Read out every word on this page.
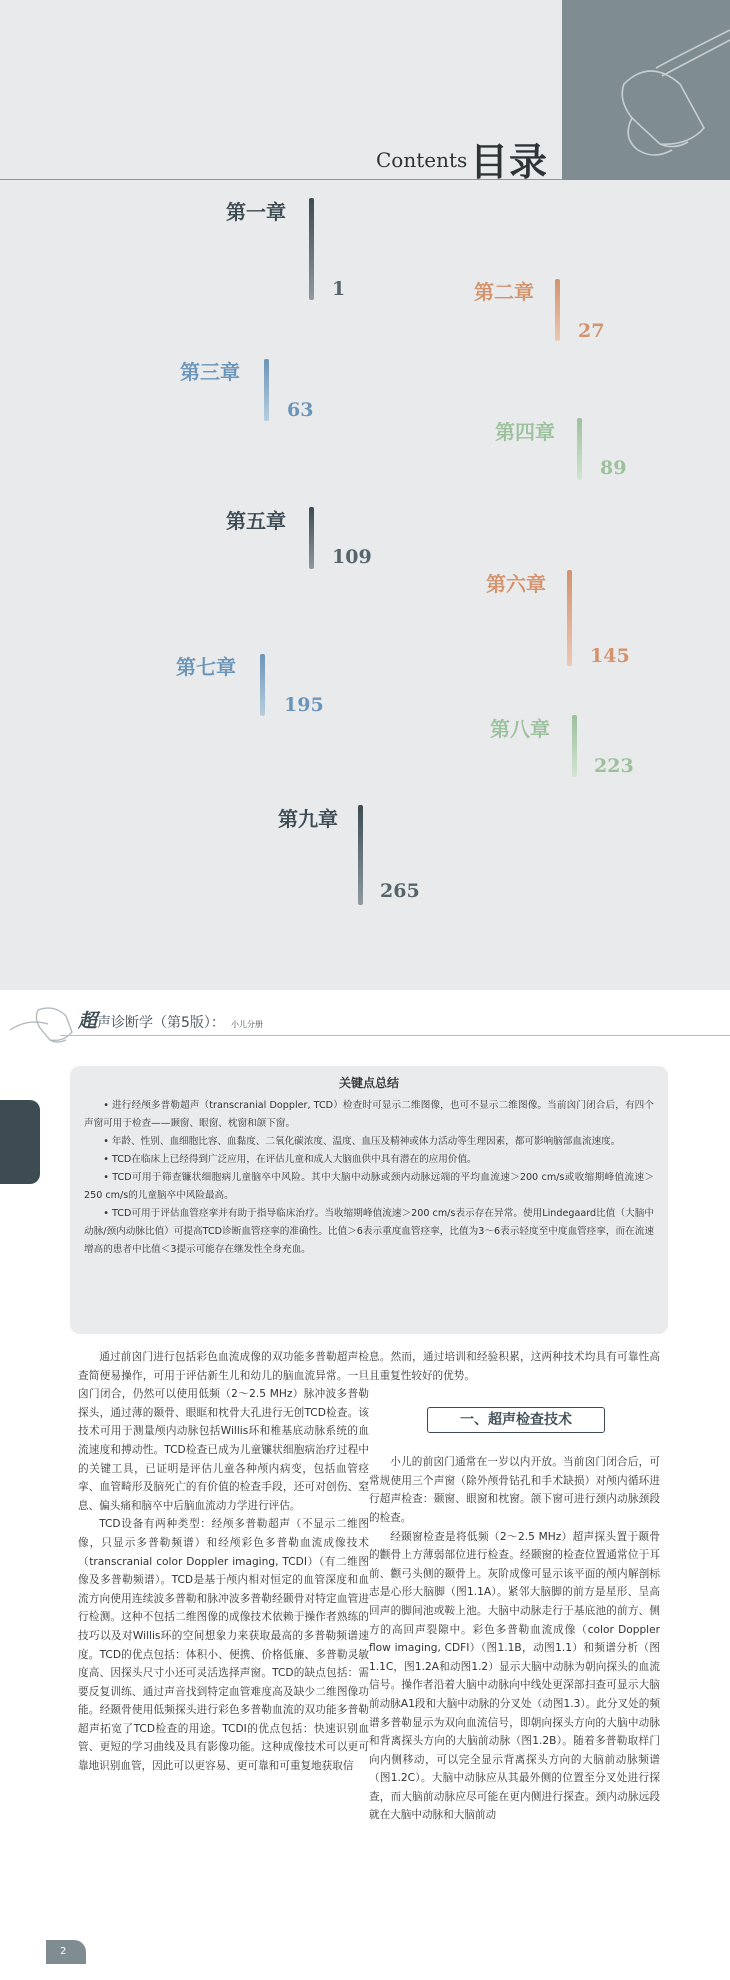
Contents 目录
第一章
1	第二章
27
第三章
63
第四章
89
第五章
109
第六章
145
第七章
195
第八章
223
第九章
265
超声诊断学（第5版）： 小儿分册
关键点总结

• 进行经颅多普勒超声（transcranial Doppler, TCD）检查时可显示二维图像，也可不显示二维图像。当前囟门闭合后，有四个声窗可用于检查——颞窗、眼窗、枕窗和颌下窗。

• 年龄、性别、血细胞比容、血黏度、二氧化碳浓度、温度、血压及精神或体力活动等生理因素，都可影响脑部血流速度。

• TCD在临床上已经得到广泛应用，在评估儿童和成人大脑血供中具有潜在的应用价值。

• TCD可用于筛查镰状细胞病儿童脑卒中风险。其中大脑中动脉或颈内动脉远端的平均血流速＞200 cm/s或收缩期峰值流速＞250 cm/s的儿童脑卒中风险最高。

• TCD可用于评估血管痉挛并有助于指导临床治疗。当收缩期峰值流速＞200 cm/s表示存在异常。使用Lindegaard比值（大脑中动脉/颈内动脉比值）可提高TCD诊断血管痉挛的准确性。比值＞6表示重度血管痉挛，比值为3～6表示轻度至中度血管痉挛，而在流速增高的患者中比值＜3提示可能存在继发性全身充血。

通过前囟门进行包括彩色血流成像的双功能多普勒超声检查简便易操作，可用于评估新生儿和幼儿的脑血流异常。一旦囟门闭合，仍然可以使用低频（2～2.5 MHz）脉冲波多普勒探头，通过薄的颞骨、眼眶和枕骨大孔进行无创TCD检查。该技术可用于测量颅内动脉包括Willis环和椎基底动脉系统的血流速度和搏动性。TCD检查已成为儿童镰状细胞病治疗过程中的关键工具，已证明是评估儿童各种颅内病变，包括血管痉挛、血管畸形及脑死亡的有价值的检查手段，还可对创伤、窒息、偏头痛和脑卒中后脑血流动力学进行评估。

TCD设备有两种类型：经颅多普勒超声（不显示二维图像，只显示多普勒频谱）和经颅彩色多普勒血流成像技术（transcranial color Doppler imaging, TCDI）（有二维图像及多普勒频谱）。TCD是基于颅内相对恒定的血管深度和血流方向使用连续波多普勒和脉冲波多普勒经颞骨对特定血管进行检测。这种不包括二维图像的成像技术依赖于操作者熟练的技巧以及对Willis环的空间想象力来获取最高的多普勒频谱速度。TCD的优点包括：体积小、便携、价格低廉、多普勒灵敏度高、因探头尺寸小还可灵活选择声窗。TCD的缺点包括：需要反复训练、通过声音找到特定血管难度高及缺少二维图像功能。经颞骨使用低频探头进行彩色多普勒血流的双功能多普勒超声拓宽了TCD检查的用途。TCDI的优点包括：快速识别血管、更短的学习曲线及具有影像功能。这种成像技术可以更可靠地识别血管，因此可以更容易、更可靠和可重复地获取信

息。然而，通过培训和经验积累，这两种技术均具有可靠性高且重复性较好的优势。

一、超声检查技术

小儿的前囟门通常在一岁以内开放。当前囟门闭合后，可常规使用三个声窗（除外颅骨钻孔和手术缺损）对颅内循环进行超声检查：颞窗、眼窗和枕窗。颌下窗可进行颈内动脉颈段的检查。

经颞窗检查是将低频（2～2.5 MHz）超声探头置于颞骨的颧骨上方薄弱部位进行检查。经颞窗的检查位置通常位于耳前、颧弓头侧的颞骨上。灰阶成像可显示该平面的颅内解剖标志是心形大脑脚（图1.1A）。紧邻大脑脚的前方是星形、呈高回声的脚间池或鞍上池。大脑中动脉走行于基底池的前方、侧方的高回声裂隙中。彩色多普勒血流成像（color Doppler flow imaging, CDFI）（图1.1B，动图1.1）和频谱分析（图1.1C，图1.2A和动图1.2）显示大脑中动脉为朝向探头的血流信号。操作者沿着大脑中动脉向中线处更深部扫查可显示大脑前动脉A1段和大脑中动脉的分叉处（动图1.3）。此分叉处的频谱多普勒显示为双向血流信号，即朝向探头方向的大脑中动脉和背离探头方向的大脑前动脉（图1.2B）。随着多普勒取样门向内侧移动，可以完全显示背离探头方向的大脑前动脉频谱（图1.2C）。大脑中动脉应从其最外侧的位置至分叉处进行探查，而大脑前动脉应尽可能在更内侧进行探查。颈内动脉远段就在大脑中动脉和大脑前动

2
